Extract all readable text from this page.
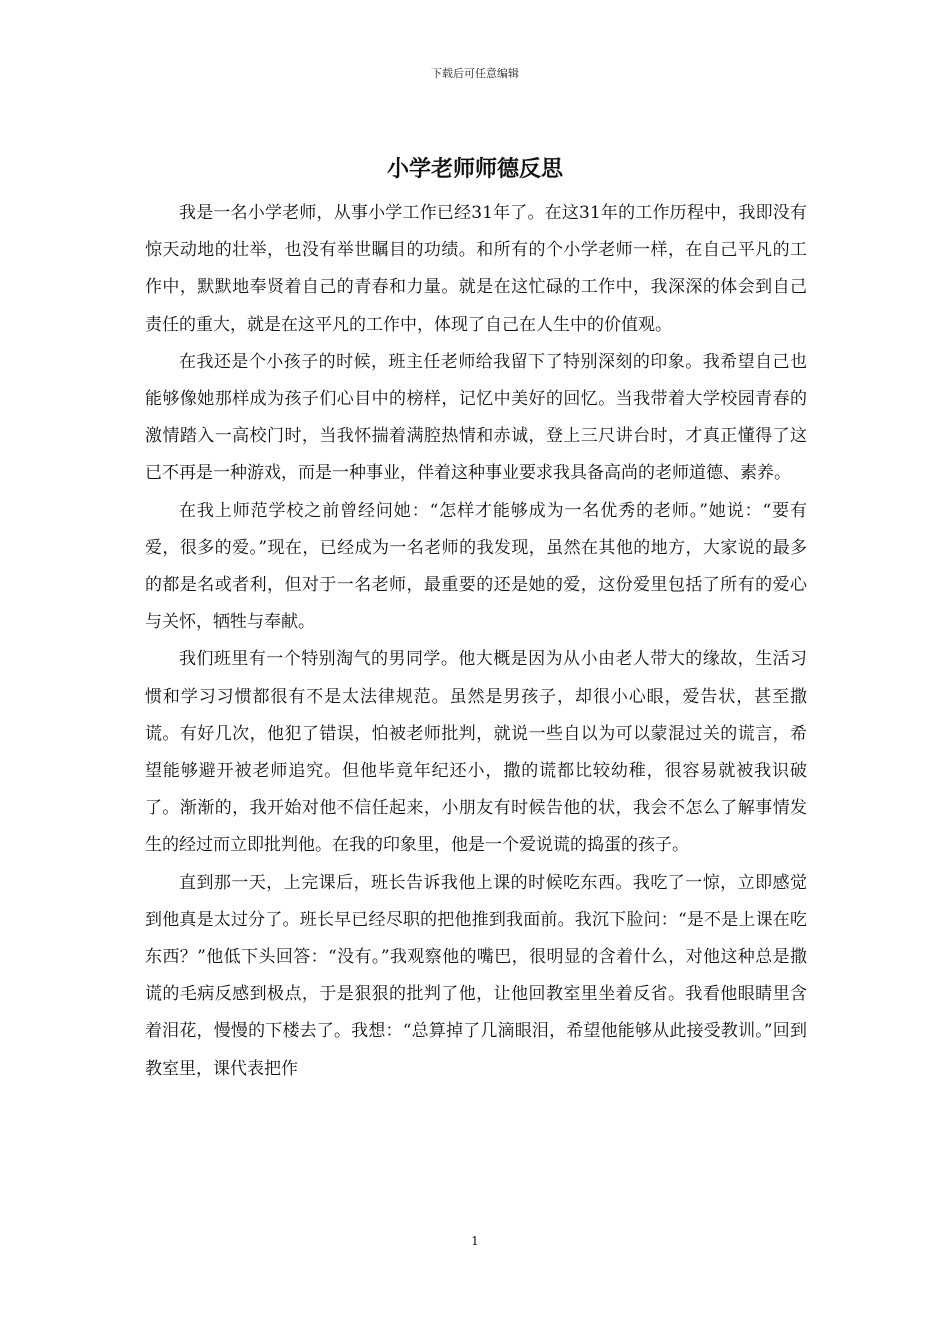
下载后可任意编辑
小学老师师德反思

我是一名小学老师，从事小学工作已经31年了。在这31年的工作历程中，我即没有惊天动地的壮举，也没有举世瞩目的功绩。和所有的个小学老师一样，在自己平凡的工作中，默默地奉贤着自己的青春和力量。就是在这忙碌的工作中，我深深的体会到自己责任的重大，就是在这平凡的工作中，体现了自己在人生中的价值观。

在我还是个小孩子的时候，班主任老师给我留下了特别深刻的印象。我希望自己也能够像她那样成为孩子们心目中的榜样，记忆中美好的回忆。当我带着大学校园青春的激情踏入一高校门时，当我怀揣着满腔热情和赤诚，登上三尺讲台时，才真正懂得了这已不再是一种游戏，而是一种事业，伴着这种事业要求我具备高尚的老师道德、素养。

在我上师范学校之前曾经问她：“怎样才能够成为一名优秀的老师。”她说：“要有爱，很多的爱。”现在，已经成为一名老师的我发现，虽然在其他的地方，大家说的最多的都是名或者利，但对于一名老师，最重要的还是她的爱，这份爱里包括了所有的爱心与关怀，牺牲与奉献。

我们班里有一个特别淘气的男同学。他大概是因为从小由老人带大的缘故，生活习惯和学习习惯都很有不是太法律规范。虽然是男孩子，却很小心眼，爱告状，甚至撒谎。有好几次，他犯了错误，怕被老师批判，就说一些自以为可以蒙混过关的谎言，希望能够避开被老师追究。但他毕竟年纪还小，撒的谎都比较幼稚，很容易就被我识破了。渐渐的，我开始对他不信任起来，小朋友有时候告他的状，我会不怎么了解事情发生的经过而立即批判他。在我的印象里，他是一个爱说谎的捣蛋的孩子。

直到那一天，上完课后，班长告诉我他上课的时候吃东西。我吃了一惊，立即感觉到他真是太过分了。班长早已经尽职的把他推到我面前。我沉下脸问：“是不是上课在吃东西？”他低下头回答：“没有。”我观察他的嘴巴，很明显的含着什么，对他这种总是撒谎的毛病反感到极点，于是狠狠的批判了他，让他回教室里坐着反省。我看他眼睛里含着泪花，慢慢的下楼去了。我想：“总算掉了几滴眼泪，希望他能够从此接受教训。”回到教室里，课代表把作

1
